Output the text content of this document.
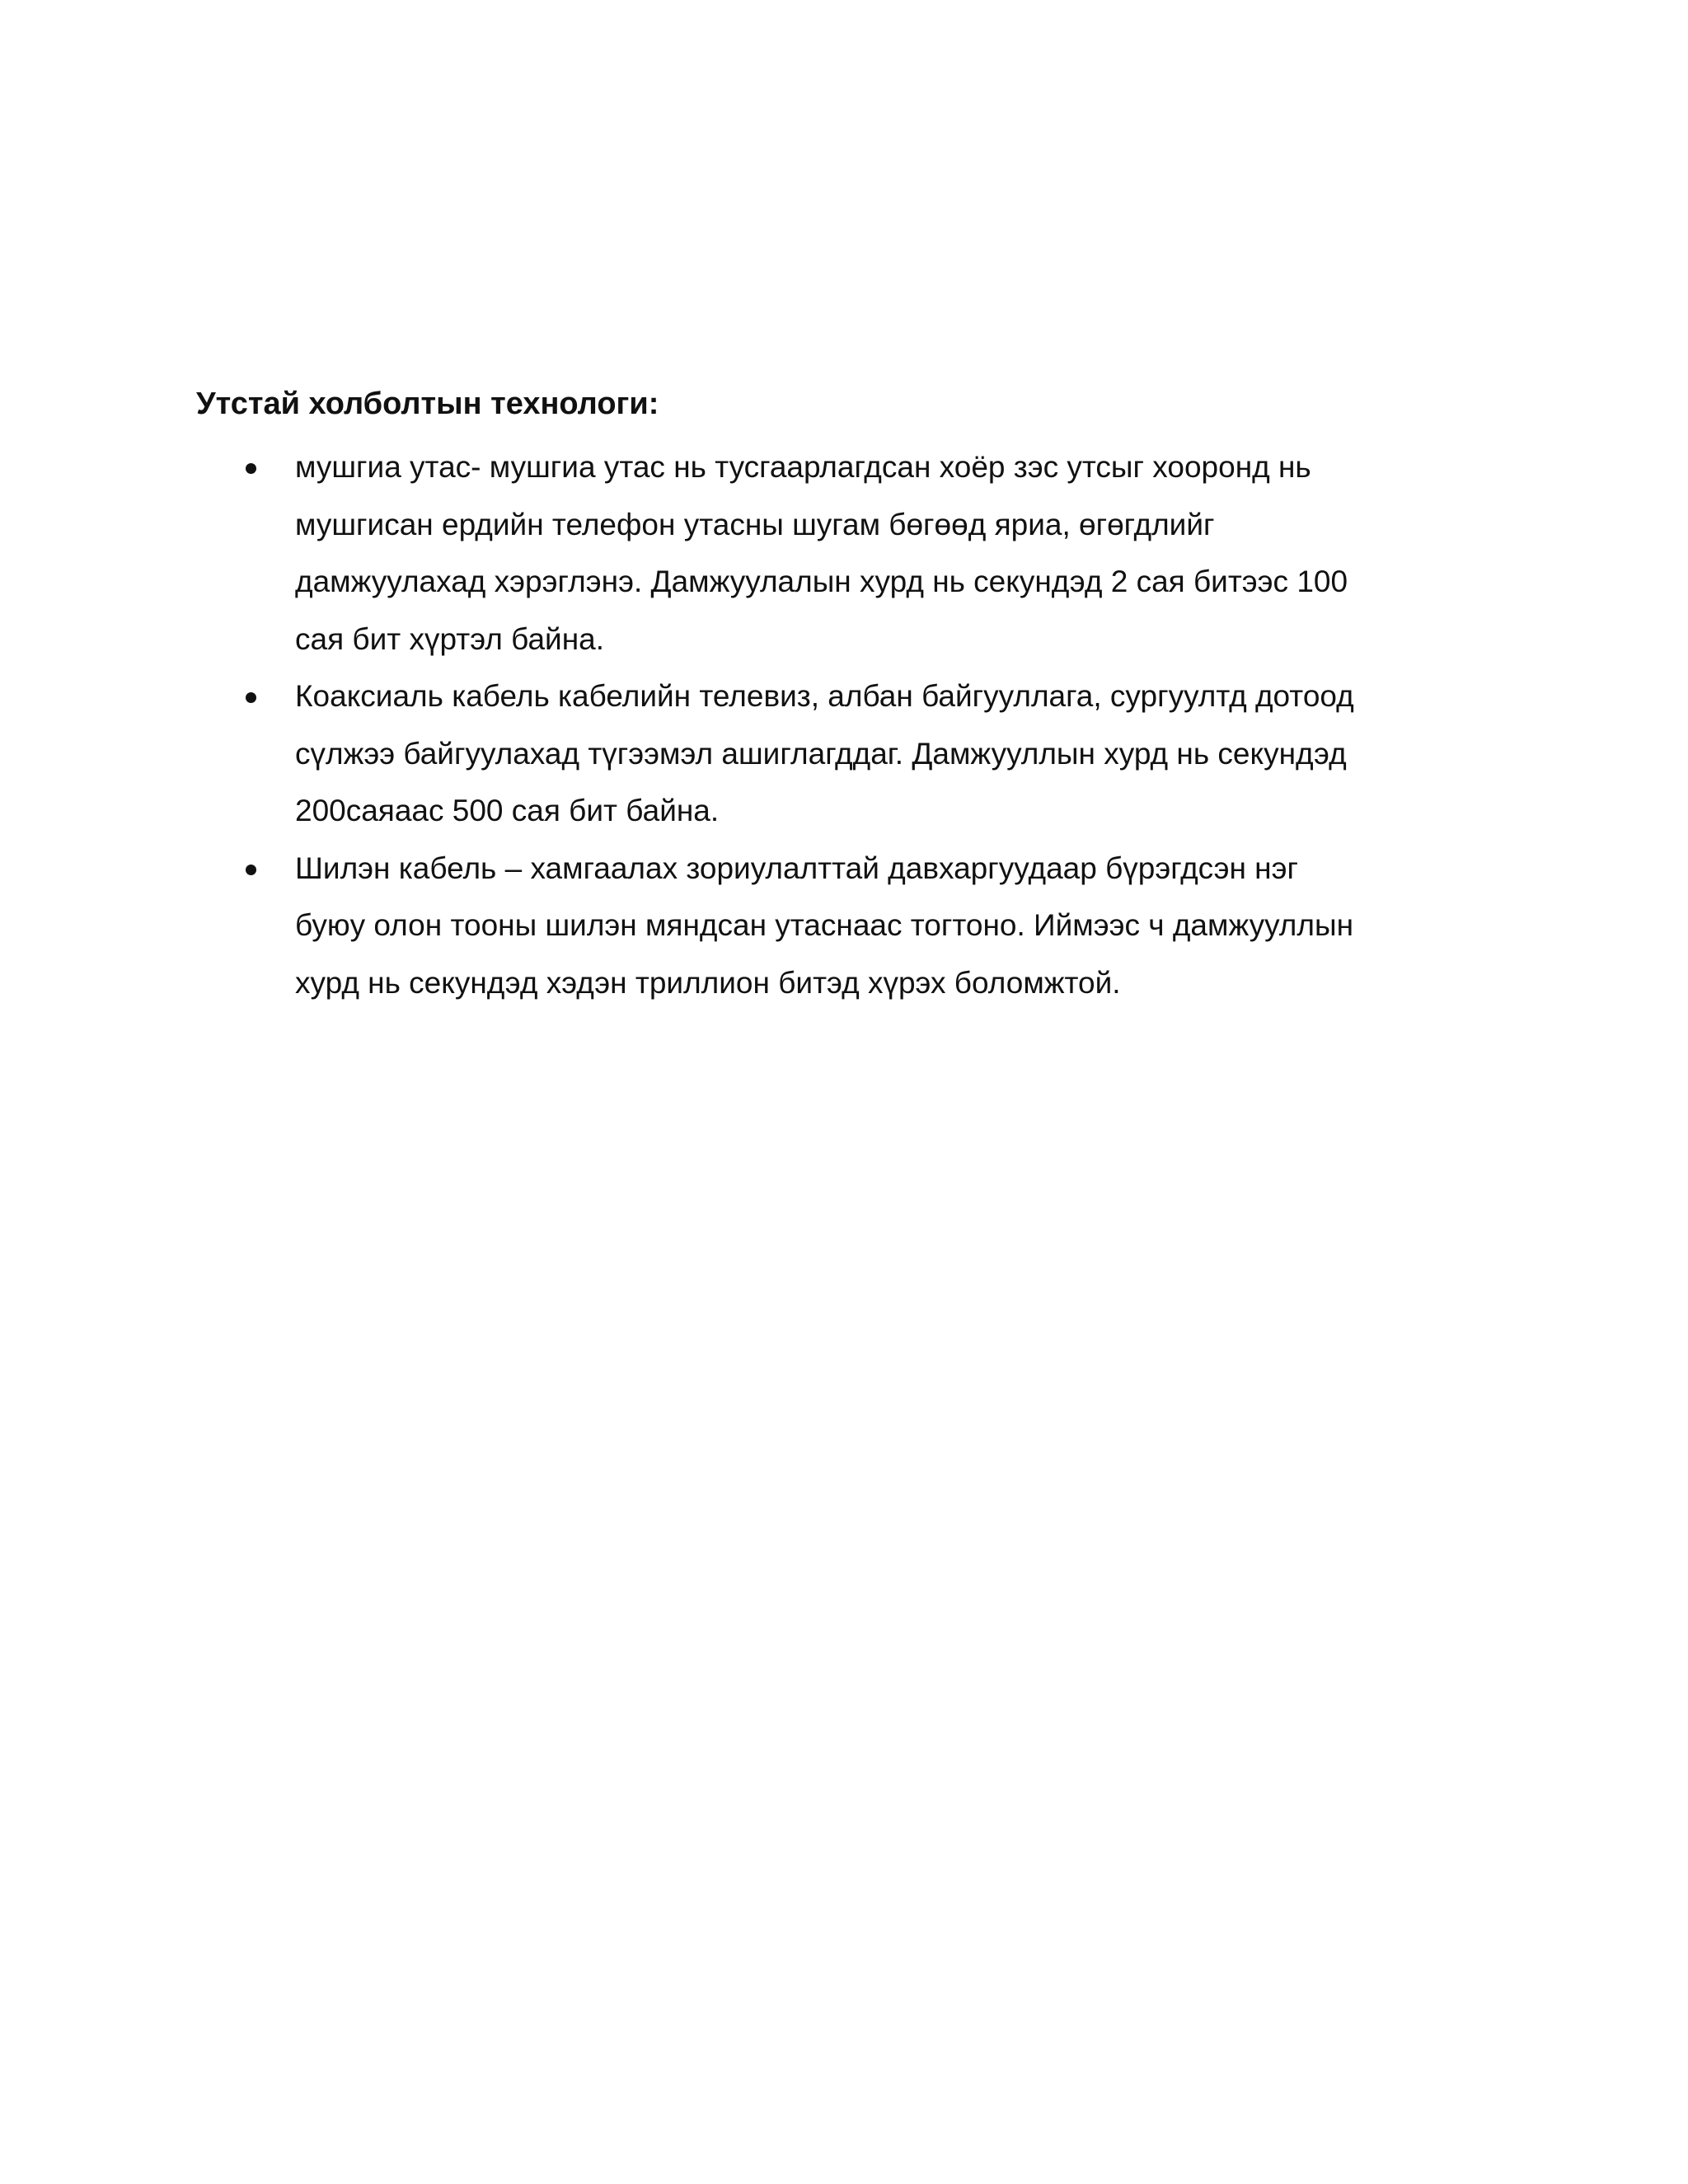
Утстай холболтын технологи:
мушгиа утас- мушгиа утас нь тусгаарлагдсан хоёр зэс утсыг хооронд нь
мушгисан ердийн телефон утасны шугам бөгөөд яриа, өгөгдлийг
дамжуулахад хэрэглэнэ. Дамжуулалын хурд нь секундэд 2 сая битээс 100
сая бит хүртэл байна.
Коаксиаль кабель кабелийн телевиз, албан байгууллага, сургуултд дотоод
сүлжээ байгуулахад түгээмэл ашиглагддаг. Дамжууллын хурд нь секундэд
200саяаас 500 сая бит байна.
Шилэн кабель – хамгаалах зориулалттай давхаргуудаар бүрэгдсэн нэг
буюу олон тооны шилэн мяндсан утаснаас тогтоно. Иймээс ч дамжууллын
хурд нь секундэд хэдэн триллион битэд хүрэх боломжтой.
